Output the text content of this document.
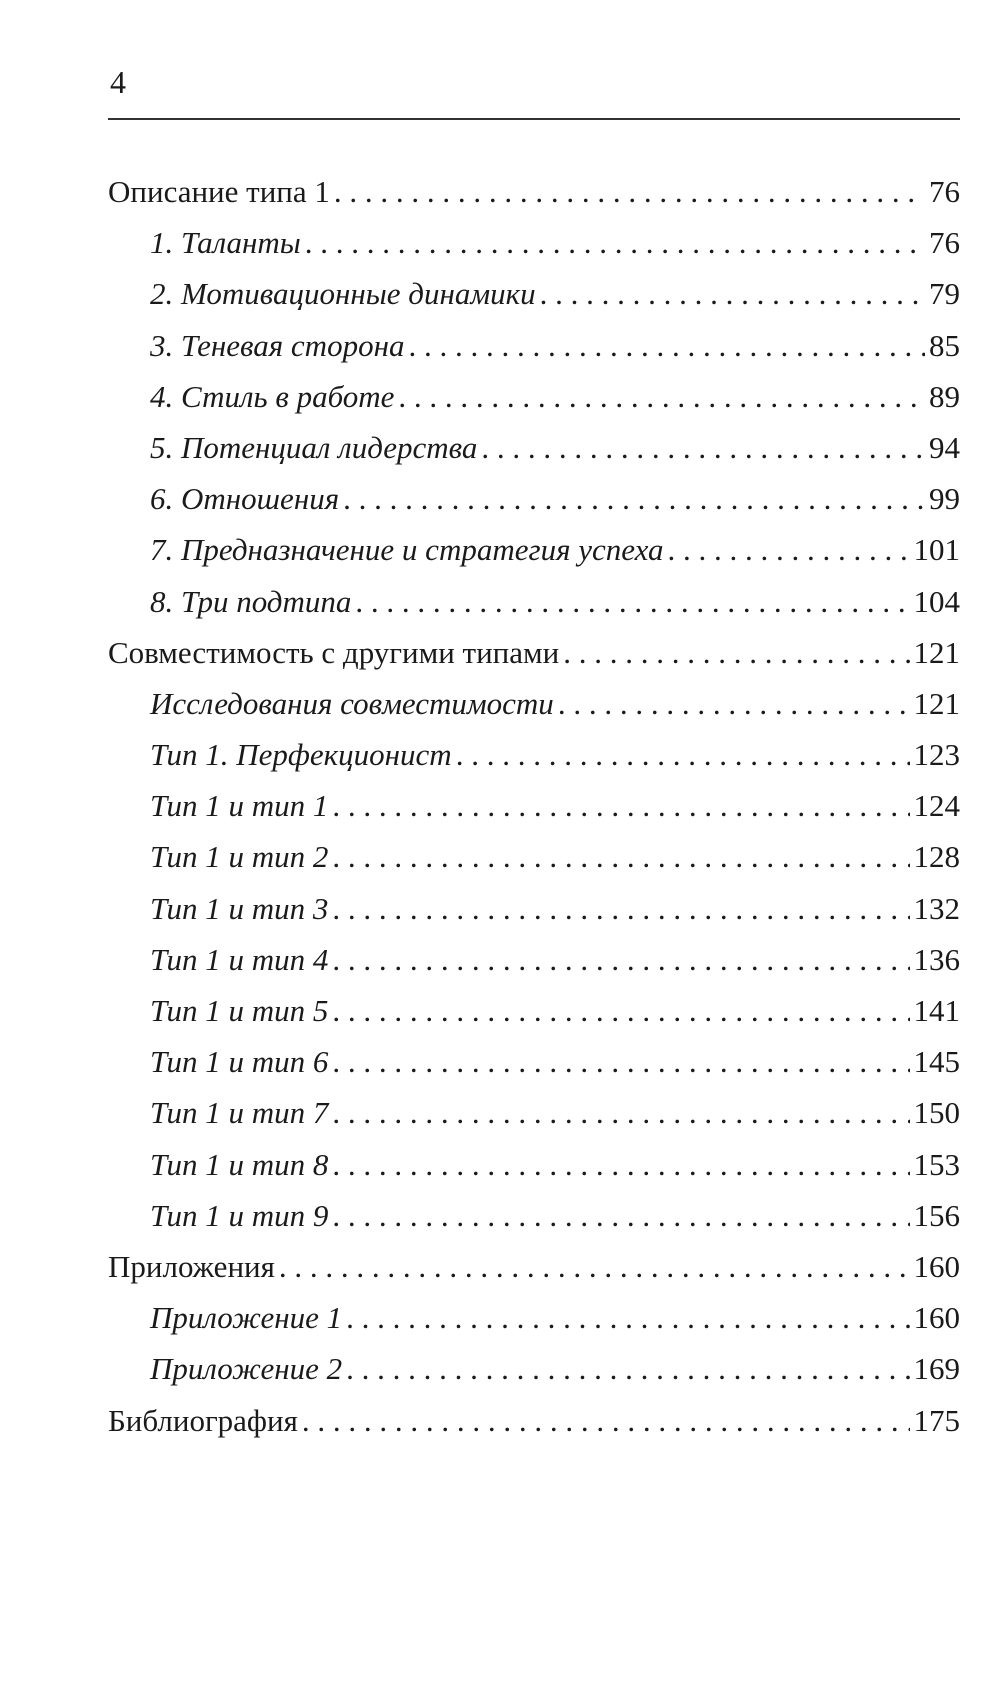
4
Описание типа 1 . . .	76
1. Таланты . . .	76
2. Мотивационные динамики . . .	79
3. Теневая сторона . . .	85
4. Стиль в работе . . .	89
5. Потенциал лидерства . . .	94
6. Отношения . . .	99
7. Предназначение и стратегия успеха . . .	101
8. Три подтипа . . .	104
Совместимость с другими типами . . .	121
Исследования совместимости . . .	121
Тип 1. Перфекционист . . .	123
Тип 1 и тип 1 . . .	124
Тип 1 и тип 2 . . .	128
Тип 1 и тип 3 . . .	132
Тип 1 и тип 4 . . .	136
Тип 1 и тип 5 . . .	141
Тип 1 и тип 6 . . .	145
Тип 1 и тип 7 . . .	150
Тип 1 и тип 8 . . .	153
Тип 1 и тип 9 . . .	156
Приложения . . .	160
Приложение 1 . . .	160
Приложение 2 . . .	169
Библиография . . .	175
